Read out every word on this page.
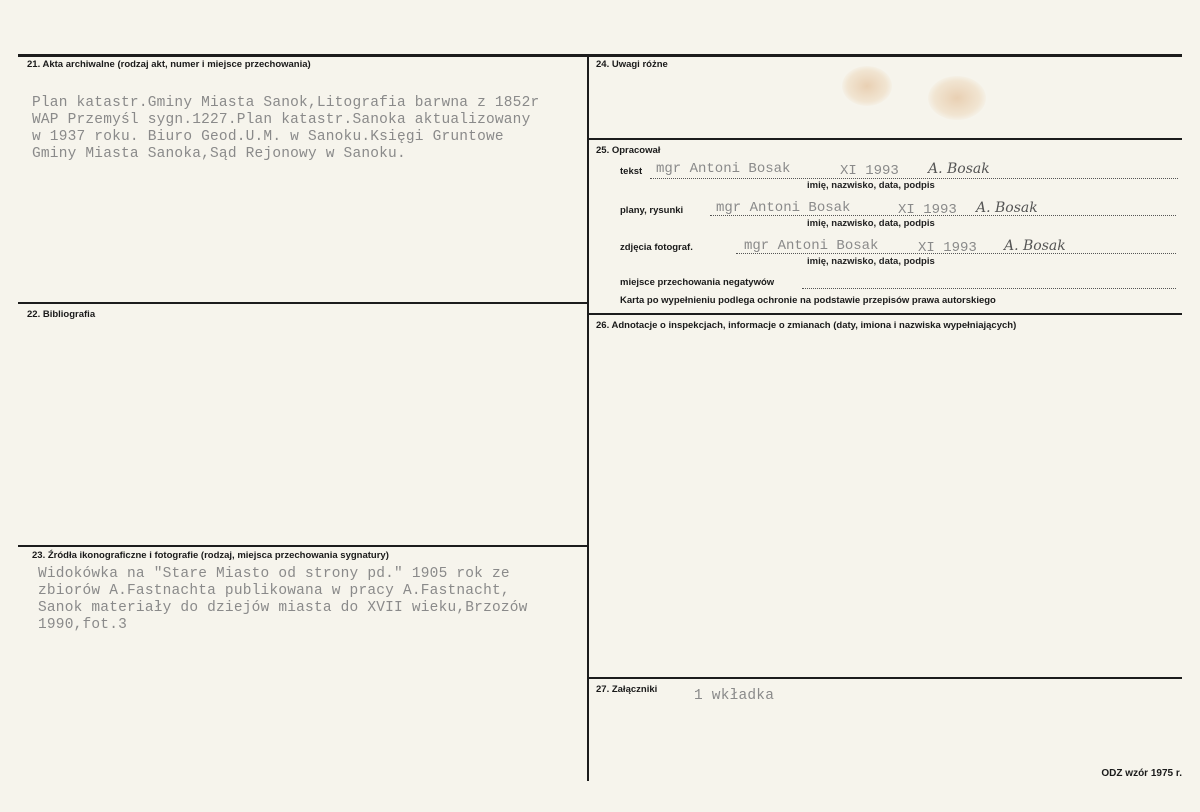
21. Akta archiwalne (rodzaj akt, numer i miejsce przechowania)
Plan katastr.Gminy Miasta Sanok,Litografia barwna z 1852r
WAP Przemyśl sygn.1227.Plan katastr.Sanoka aktualizowany
w 1937 roku. Biuro Geod.U.M. w Sanoku.Księgi Gruntowe
Gminy Miasta Sanoka,Sąd Rejonowy w Sanoku.
22. Bibliografia
23. Źródła ikonograficzne i fotografie (rodzaj, miejsca przechowania sygnatury)
Widokówka na "Stare Miasto od strony pd." 1905 rok ze
zbiorów A.Fastnachta publikowana w pracy A.Fastnacht,
Sanok materiały do dziejów miasta do XVII wieku,Brzozów
1990,fot.3
24. Uwagi różne
25. Opracował
tekst mgr Antoni Bosak	XI 1993 A. Bosak
imię, nazwisko, data, podpis
plany, rysunki mgr Antoni Bosak	XI 1993 A. Bosak
imię, nazwisko, data, podpis
zdjęcia fotograf.	mgr Antoni Bosak	XI 1993 A. Bosak
imię, nazwisko, data, podpis
miejsce przechowania negatywów
Karta po wypełnieniu podlega ochronie na podstawie przepisów prawa autorskiego
26. Adnotacje o inspekcjach, informacje o zmianach (daty, imiona i nazwiska wypełniających)
27. Załączniki	1 wkładka
ODZ wzór 1975 r.
